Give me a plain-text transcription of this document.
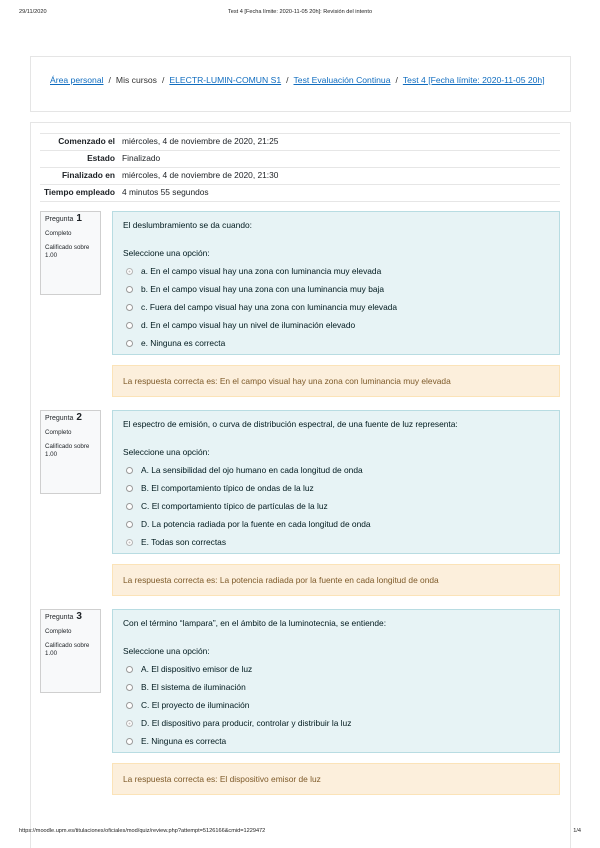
29/11/2020	Test 4 [Fecha límite: 2020-11-05 20h]: Revisión del intento
Área personal / Mis cursos / ELECTR-LUMIN-COMUN S1 / Test Evaluación Continua / Test 4 [Fecha límite: 2020-11-05 20h]
Comenzado el miércoles, 4 de noviembre de 2020, 21:25
Estado Finalizado
Finalizado en miércoles, 4 de noviembre de 2020, 21:30
Tiempo empleado 4 minutos 55 segundos
Pregunta 1
Completo
Calificado sobre 1.00
El deslumbramiento se da cuando:
Seleccione una opción:
a. En el campo visual hay una zona con luminancia muy elevada
b. En el campo visual hay una zona con una luminancia muy baja
c. Fuera del campo visual hay una zona con luminancia muy elevada
d. En el campo visual hay un nivel de iluminación elevado
e. Ninguna es correcta
La respuesta correcta es: En el campo visual hay una zona con luminancia muy elevada
Pregunta 2
Completo
Calificado sobre 1.00
El espectro de emisión, o curva de distribución espectral, de una fuente de luz representa:
Seleccione una opción:
A. La sensibilidad del ojo humano en cada longitud de onda
B. El comportamiento típico de ondas de la luz
C. El comportamiento típico de partículas de la luz
D. La potencia radiada por la fuente en cada longitud de onda
E. Todas son correctas
La respuesta correcta es: La potencia radiada por la fuente en cada longitud de onda
Pregunta 3
Completo
Calificado sobre 1.00
Con el término “lampara”, en el ámbito de la luminotecnia, se entiende:
Seleccione una opción:
A. El dispositivo emisor de luz
B. El sistema de iluminación
C. El proyecto de iluminación
D. El dispositivo para producir, controlar y distribuir la luz
E. Ninguna es correcta
La respuesta correcta es: El dispositivo emisor de luz
https://moodle.upm.es/titulaciones/oficiales/mod/quiz/review.php?attempt=5126166&cmid=1229472	1/4
